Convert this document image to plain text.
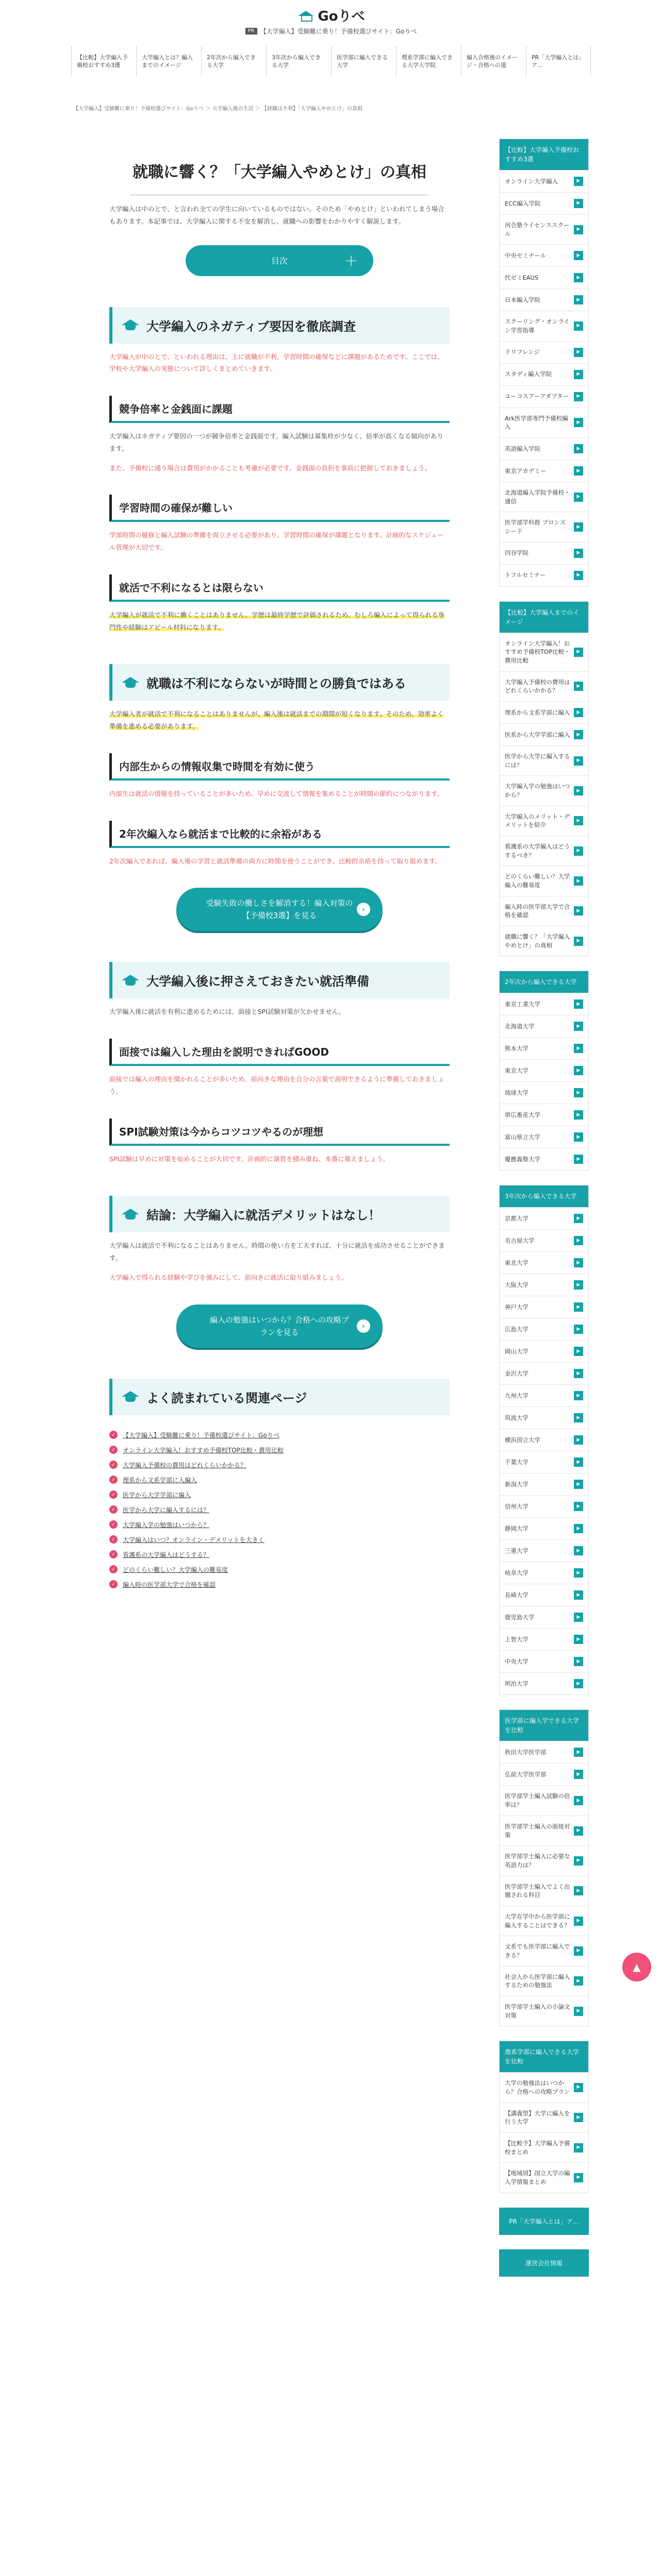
Goりべ
PR 【大学編入】受験難に乗り！予備校選びサイト：Goりべ
【比較】大学編入予備校おすすめ3選
大学編入とは？編入までのイメージ
2年次から編入できる大学
3年次から編入できる大学
医学部に編入できる大学
理系学部に編入できる大学大学院
編入合格後のイメージ・合格への道
PR「大学編入とは」ア…
【大学編入】受験難に乗り！予備校選びサイト：Goりべ ＞ 大学編入後の生活 ＞ 【就職は不利】「大学編入やめとけ」の真相
就職に響く？「大学編入やめとけ」の真相

大学編入は中のとで、と言われ全ての学生に向いているものではない。そのため「やめとけ」といわれてしまう場合もあります。本記事では、大学編入に関する不安を解消し、就職への影響をわかりやすく解説します。

目次	＋
大学編入のネガティブ要因を徹底調査

大学編入が中のとで、といわれる理由は、主に就職が不利、学習時間の確保などに課題があるためです。ここでは、学校や大学編入の実態について詳しくまとめていきます。

競争倍率と金銭面に課題

大学編入はネガティブ要因の一つが競争倍率と金銭面です。編入試験は募集枠が少なく、倍率が高くなる傾向があります。

また、予備校に通う場合は費用がかかることも考慮が必要です。金銭面の負担を事前に把握しておきましょう。

学習時間の確保が難しい

学部時間の履修と編入試験の準備を両立させる必要があり、学習時間の確保が課題となります。計画的なスケジュール管理が大切です。

就活で不利になるとは限らない

大学編入が就活で不利に働くことはありません。学歴は最終学歴で評価されるため、むしろ編入によって得られる専門性や経験はアピール材料になります。

就職は不利にならないが時間との勝負ではある

大学編入者が就活で不利になることはありませんが、編入後は就活までの期間が短くなります。そのため、効率よく準備を進める必要があります。

内部生からの情報収集で時間を有効に使う

内部生は就活の情報を持っていることが多いため、早めに交流して情報を集めることが時間の節約につながります。

2年次編入なら就活まで比較的に余裕がある

2年次編入であれば、編入後の学習と就活準備の両方に時間を使うことができ、比較的余裕を持って取り組めます。

受験失敗の働しさを解消する！編入対策の【予備校3選】を見る
›
大学編入後に押さえておきたい就活準備

大学編入後に就活を有利に進めるためには、面接とSPI試験対策が欠かせません。

面接では編入した理由を説明できればGOOD

面接では編入の理由を聞かれることが多いため、前向きな理由を自分の言葉で説明できるように準備しておきましょう。

SPI試験対策は今からコツコツやるのが理想

SPI試験は早めに対策を始めることが大切です。計画的に演習を積み重ね、本番に備えましょう。

結論：大学編入に就活デメリットはなし！

大学編入は就活で不利になることはありません。時間の使い方を工夫すれば、十分に就活を成功させることができます。

大学編入で得られる経験や学びを強みにして、前向きに就活に取り組みましょう。

編入の勉強はいつから？合格への攻略プランを見る
›
よく読まれている関連ページ
✓	【大学編入】受験難に乗り！予備校選びサイト：Goりべ
✓	オンライン大学編入！おすすめ予備校TOP比較・費用比較
✓	大学編入予備校の費用はどれくらいかかる？
✓	理系から文系学部に入編入
✓	医学から大学学部に編入
✓	医学から大学に編入するには？
✓	大学編入学の勉強はいつから？
✓	大学編入はいつ？オンライン・デメリットを大きく
✓	看護系の大学編入はどうする？
✓	どのくらい難しい？大学編入の難易度
✓	編入時の医学部大学で合格を確認
【比較】大学編入予備校おすすめ3選
オンライン大学編入	▶
ECC編入学院	▶
河合塾ライセンススクール
▶
中央ゼミナール	▶
代ゼミEAUS	▶
日本編入学院	▶
スクーリング・オンライン学習指導
▶
ドリフレンジ	▶
スタディ編入学院	▶
ユーコスアーアダプター	▶
Ark医学部専門予備校編入
▶
英語編入学院	▶
東京アカデミー	▶
北海道編入学院予備校・通信
▶
医学部学科群 ブロンズシード
▶
四谷学院	▶
トフルセミナー	▶
【比較】大学編入までのイメージ
オンライン大学編入！おすすめ予備校TOP比較・費用比較
▶
大学編入予備校の費用はどれくらいかかる？
▶
理系から文系学部に編入	▶
医系から大学学部に編入	▶
医学から大学に編入するには？
▶
大学編入学の勉強はいつから？
▶
大学編入のメリット・デメリットを紹介
▶
看護系の大学編入はどうするべき？
▶
どのくらい難しい？大学編入の難易度
▶
編入時の医学部大学で合格を確認
▶
就職に響く？「大学編入やめとけ」の真相
▶
2年次から編入できる大学
東京工業大学	▶
北海道大学	▶
熊本大学	▶
東京大学	▶
琉球大学	▶
帯広畜産大学	▶
富山県立大学	▶
慶應義塾大学	▶
3年次から編入できる大学
京都大学	▶
名古屋大学	▶
東北大学	▶
大阪大学	▶
神戸大学	▶
広島大学	▶
岡山大学	▶
金沢大学	▶
九州大学	▶
筑波大学	▶
横浜国立大学	▶
千葉大学	▶
新潟大学	▶
信州大学	▶
静岡大学	▶
三重大学	▶
岐阜大学	▶
長崎大学	▶
鹿児島大学	▶
上智大学	▶
中央大学	▶
明治大学	▶
医学部に編入学できる大学を比較
秋田大学医学部	▶
弘前大学医学部	▶
医学部学士編入試験の倍率は？
▶
医学部学士編入の面接対策
▶
医学部学士編入に必要な英語力は？
▶
医学部学士編入でよく出題される科目
▶
大学在学中から医学部に編入することはできる？
▶
文系でも医学部に編入できる？
▶
社会人から医学部に編入するための勉強法
▶
医学部学士編入の小論文対策
▶
理系学部に編入できる大学を比較
大学の勉強法はいつから？合格への攻略プラン
▶
【講義型】大学に編入を行う大学
▶
【比較予】大学編入予備校まとめ
▶
【地域別】国立大学の編入学情報まとめ
▶
PR「大学編入とは」ア…
運営会社情報
▲
